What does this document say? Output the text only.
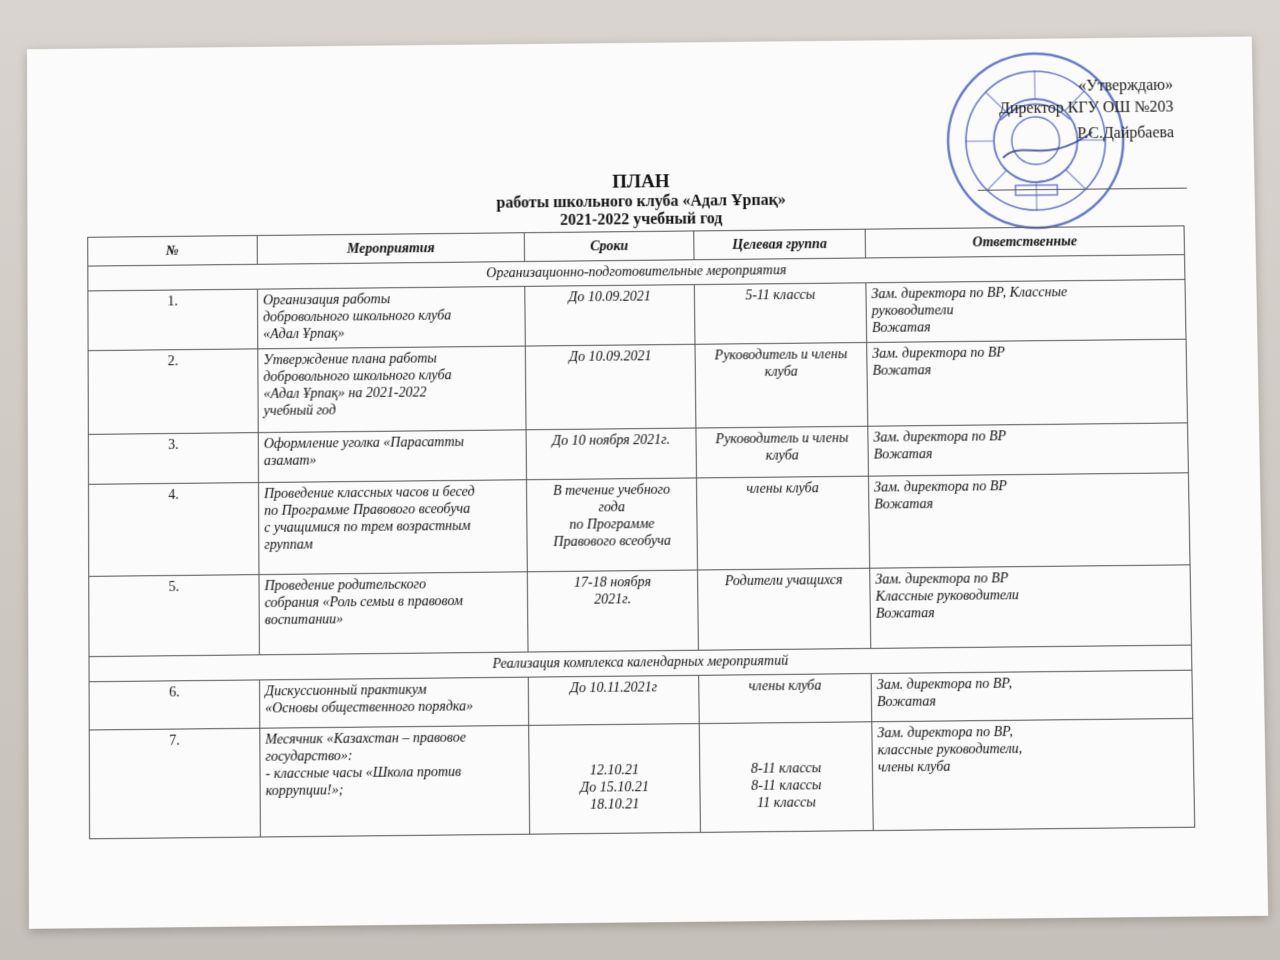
«Утверждаю»
Директор КГУ ОШ №203
Р.С.Дайрбаева
ПЛАН
работы школьного клуба «Адал Ұрпақ»
2021-2022 учебный год
№	Мероприятия	Сроки	Целевая группа	Ответственные
Организационно-подготовительные мероприятия				
1.	Организация работы
добровольного школьного клуба
«Адал Ұрпақ»	До 10.09.2021	5-11 классы	Зам. директора по ВР, Классные
руководители
Вожатая

2.	Утверждение плана работы
добровольного школьного клуба
«Адал Ұрпақ» на 2021-2022
учебный год	До 10.09.2021	Руководитель и члены
клуба	Зам. директора по ВР
Вожатая

3.	Оформление уголка «Парасатты
азамат»	До 10 ноября 2021г.	Руководитель и члены
клуба	Зам. директора по ВР
Вожатая

4.	Проведение классных часов и бесед
по Программе Правового всеобуча
с учащимися по трем возрастным
группам	В течение учебного
года
по Программе
Правового всеобуча	члены клуба	Зам. директора по ВР
Вожатая

5.	Проведение родительского
собрания «Роль семьи в правовом
воспитании»	17-18 ноября
2021г.	Родители учащихся	Зам. директора по ВР
Классные руководители
Вожатая

Реализация комплекса календарных мероприятий				
6.	Дискуссионный практикум
«Основы общественного порядка»	До 10.11.2021г	члены клуба	Зам. директора по ВР,
Вожатая

7.	Месячник «Казахстан – правовое
государство»:
- классные часы «Школа против
коррупции!»;	12.10.21
До 15.10.21
18.10.21	8-11 классы
8-11 классы
11 классы	Зам. директора по ВР,
классные руководители,
члены клуба
